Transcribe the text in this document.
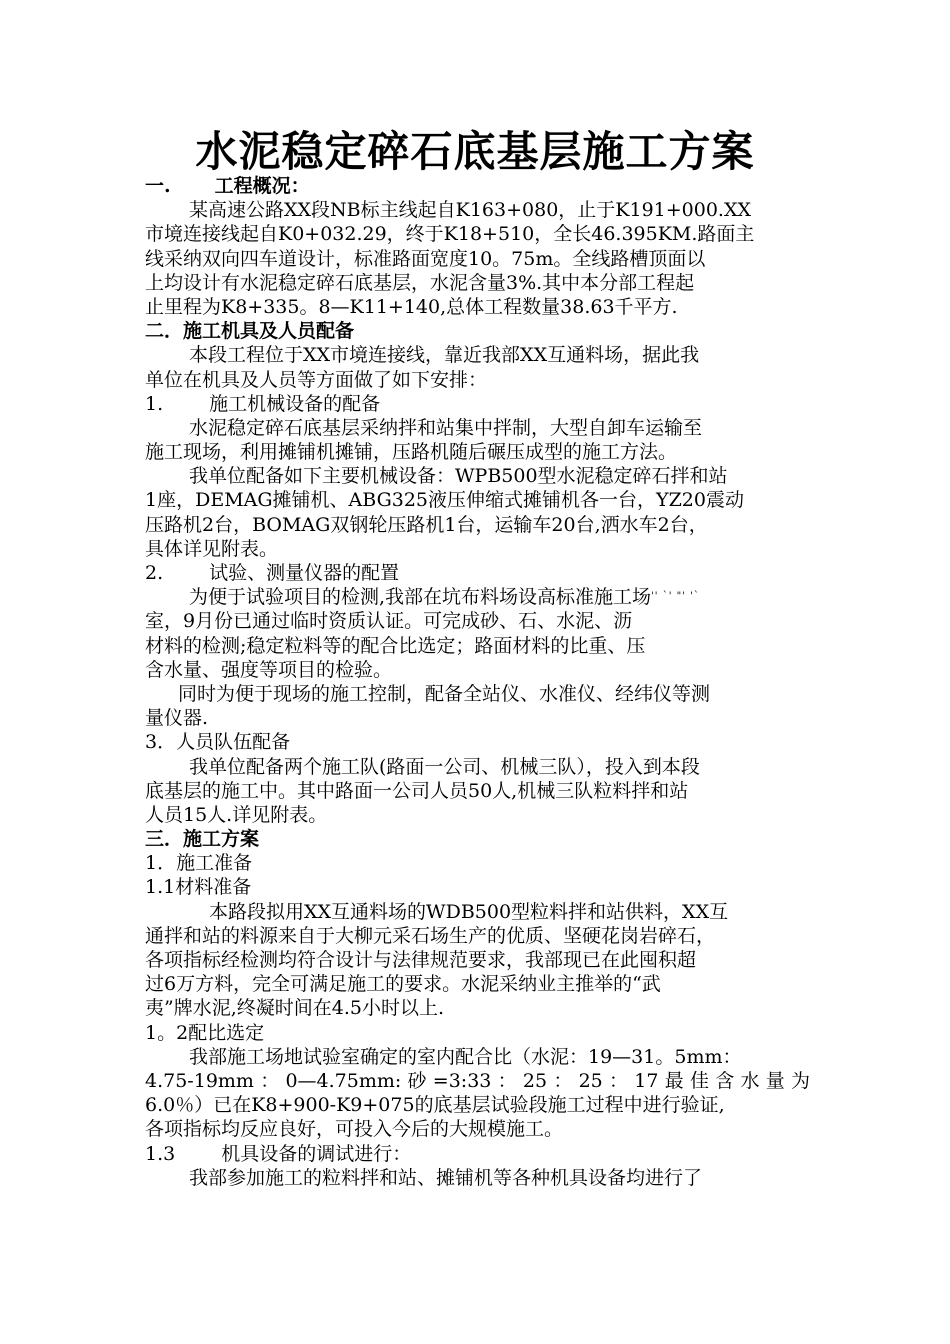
水泥稳定碎石底基层施工方案
一. 工程概况：
某高速公路XX段NB标主线起自K163+080，止于K191+000.XX
市境连接线起自K0+032.29，终于K18+510，全长46.395KM.路面主
线采纳双向四车道设计，标准路面宽度10。75m。全线路槽顶面以
上均设计有水泥稳定碎石底基层，水泥含量3%.其中本分部工程起
止里程为K8+335。8—K11+140,总体工程数量38.63千平方.
二．施工机具及人员配备
本段工程位于XX市境连接线，靠近我部XX互通料场，据此我
单位在机具及人员等方面做了如下安排：
1. 施工机械设备的配备
水泥稳定碎石底基层采纳拌和站集中拌制，大型自卸车运输至
施工现场，利用摊铺机摊铺，压路机随后碾压成型的施工方法。
我单位配备如下主要机械设备：WPB500型水泥稳定碎石拌和站
1座，DEMAG摊铺机、ABG325液压伸缩式摊铺机各一台，YZ20震动
压路机2台，BOMAG双钢轮压路机1台，运输车20台,洒水车2台，
具体详见附表。
2. 试验、测量仪器的配置
为便于试验项目的检测,我部在坑布料场设高标准施工场'' `' "' '`
室，9月份已通过临时资质认证。可完成砂、石、水泥、沥
材料的检测;稳定粒料等的配合比选定；路面材料的比重、压
含水量、强度等项目的检验。
同时为便于现场的施工控制，配备全站仪、水准仪、经纬仪等测
量仪器.
3．人员队伍配备
我单位配备两个施工队(路面一公司、机械三队），投入到本段
底基层的施工中。其中路面一公司人员50人,机械三队粒料拌和站
人员15人.详见附表。
三．施工方案
1．施工准备
1.1材料准备
本路段拟用XX互通料场的WDB500型粒料拌和站供料，XX互
通拌和站的料源来自于大柳元采石场生产的优质、坚硬花岗岩碎石，
各项指标经检测均符合设计与法律规范要求，我部现已在此囤积超
过6万方料，完全可满足施工的要求。水泥采纳业主推举的“武
夷”牌水泥,终凝时间在4.5小时以上.
1。2配比选定
我部施工场地试验室确定的室内配合比（水泥：19—31。5mm：
4.75-19mm：0—4.75mm:砂=3:33：25：25：17最佳含水量为
6.0％）已在K8+900-K9+075的底基层试验段施工过程中进行验证,
各项指标均反应良好，可投入今后的大规模施工。
1.3 机具设备的调试进行：
我部参加施工的粒料拌和站、摊铺机等各种机具设备均进行了
